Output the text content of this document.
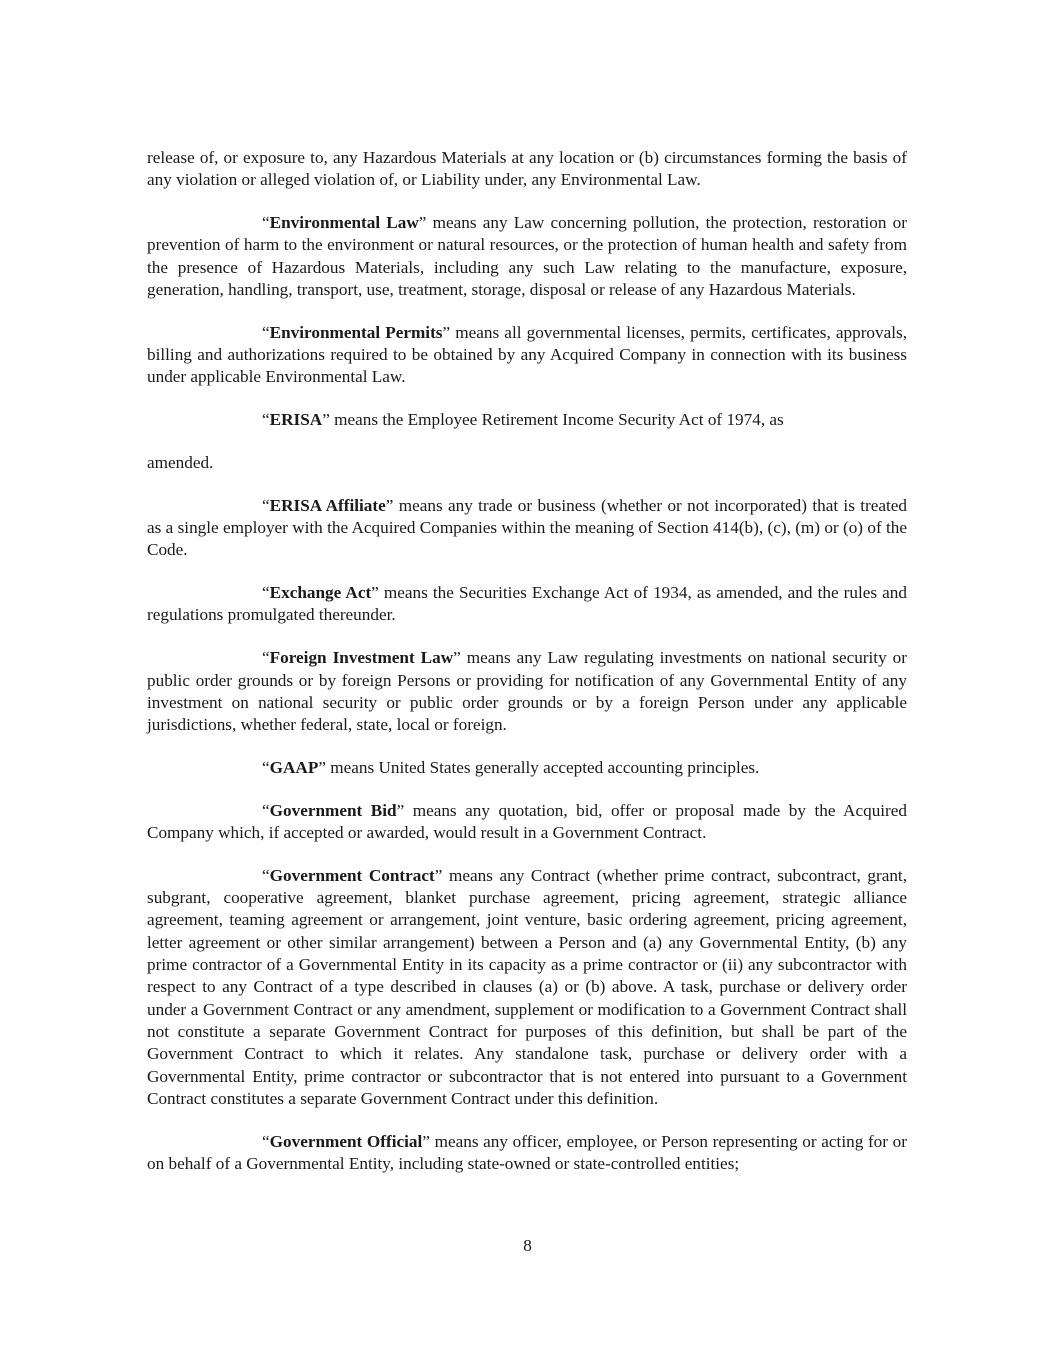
release of, or exposure to, any Hazardous Materials at any location or (b) circumstances forming the basis of any violation or alleged violation of, or Liability under, any Environmental Law.

“Environmental Law” means any Law concerning pollution, the protection, restoration or prevention of harm to the environment or natural resources, or the protection of human health and safety from the presence of Hazardous Materials, including any such Law relating to the manufacture, exposure, generation, handling, transport, use, treatment, storage, disposal or release of any Hazardous Materials.

“Environmental Permits” means all governmental licenses, permits, certificates, approvals, billing and authorizations required to be obtained by any Acquired Company in connection with its business under applicable Environmental Law.

“ERISA” means the Employee Retirement Income Security Act of 1974, as

amended.

“ERISA Affiliate” means any trade or business (whether or not incorporated) that is treated as a single employer with the Acquired Companies within the meaning of Section 414(b), (c), (m) or (o) of the Code.

“Exchange Act” means the Securities Exchange Act of 1934, as amended, and the rules and regulations promulgated thereunder.

“Foreign Investment Law” means any Law regulating investments on national security or public order grounds or by foreign Persons or providing for notification of any Governmental Entity of any investment on national security or public order grounds or by a foreign Person under any applicable jurisdictions, whether federal, state, local or foreign.

“GAAP” means United States generally accepted accounting principles.

“Government Bid” means any quotation, bid, offer or proposal made by the Acquired Company which, if accepted or awarded, would result in a Government Contract.

“Government Contract” means any Contract (whether prime contract, subcontract, grant, subgrant, cooperative agreement, blanket purchase agreement, pricing agreement, strategic alliance agreement, teaming agreement or arrangement, joint venture, basic ordering agreement, pricing agreement, letter agreement or other similar arrangement) between a Person and (a) any Governmental Entity, (b) any prime contractor of a Governmental Entity in its capacity as a prime contractor or (ii) any subcontractor with respect to any Contract of a type described in clauses (a) or (b) above. A task, purchase or delivery order under a Government Contract or any amendment, supplement or modification to a Government Contract shall not constitute a separate Government Contract for purposes of this definition, but shall be part of the Government Contract to which it relates. Any standalone task, purchase or delivery order with a Governmental Entity, prime contractor or subcontractor that is not entered into pursuant to a Government Contract constitutes a separate Government Contract under this definition.

“Government Official” means any officer, employee, or Person representing or acting for or on behalf of a Governmental Entity, including state-owned or state-controlled entities;

8
